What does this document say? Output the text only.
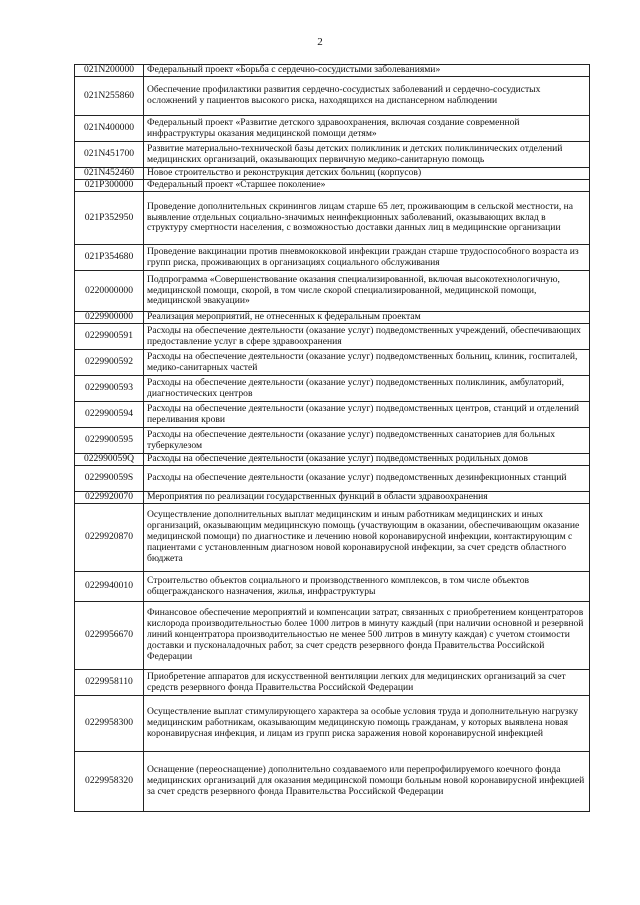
2
021N200000	Федеральный проект «Борьба с сердечно-сосудистыми заболеваниями»
021N255860	Обеспечение профилактики развития сердечно-сосудистых заболеваний и сердечно-сосудистых осложнений у пациентов высокого риска, находящихся на диспансерном наблюдении
021N400000	Федеральный проект «Развитие детского здравоохранения, включая создание современной инфраструктуры оказания медицинской помощи детям»
021N451700	Развитие материально-технической базы детских поликлиник и детских поликлинических отделений медицинских организаций, оказывающих первичную медико-санитарную помощь
021N452460	Новое строительство и реконструкция детских больниц (корпусов)
021P300000	Федеральный проект «Старшее поколение»
021P352950	Проведение дополнительных скринингов лицам старше 65 лет, проживающим в сельской местности, на выявление отдельных социально-значимых неинфекционных заболеваний, оказывающих вклад в структуру смертности населения, с возможностью доставки данных лиц в медицинские организации
021P354680	Проведение вакцинации против пневмококковой инфекции граждан старше трудоспособного возраста из групп риска, проживающих в организациях социального обслуживания
0220000000	Подпрограмма «Совершенствование оказания специализированной, включая высокотехнологичную, медицинской помощи, скорой, в том числе скорой специализированной, медицинской помощи, медицинской эвакуации»
0229900000	Реализация мероприятий, не отнесенных к федеральным проектам
0229900591	Расходы на обеспечение деятельности (оказание услуг) подведомственных учреждений, обеспечивающих предоставление услуг в сфере здравоохранения
0229900592	Расходы на обеспечение деятельности (оказание услуг) подведомственных больниц, клиник, госпиталей, медико-санитарных частей
0229900593	Расходы на обеспечение деятельности (оказание услуг) подведомственных поликлиник, амбулаторий, диагностических центров
0229900594	Расходы на обеспечение деятельности (оказание услуг) подведомственных центров, станций и отделений переливания крови
0229900595	Расходы на обеспечение деятельности (оказание услуг) подведомственных санаториев для больных туберкулезом
022990059Q	Расходы на обеспечение деятельности (оказание услуг) подведомственных родильных домов
022990059S	Расходы на обеспечение деятельности (оказание услуг) подведомственных дезинфекционных станций
0229920070	Мероприятия по реализации государственных функций в области здравоохранения
0229920870	Осуществление дополнительных выплат медицинским и иным работникам медицинских и иных организаций, оказывающим медицинскую помощь (участвующим в оказании, обеспечивающим оказание медицинской помощи) по диагностике и лечению новой коронавирусной инфекции, контактирующим с пациентами с установленным диагнозом новой коронавирусной инфекции, за счет средств областного бюджета
0229940010	Строительство объектов социального и производственного комплексов, в том числе объектов общегражданского назначения, жилья, инфраструктуры
0229956670	Финансовое обеспечение мероприятий и компенсации затрат, связанных с приобретением концентраторов кислорода производительностью более 1000 литров в минуту каждый (при наличии основной и резервной линий концентратора производительностью не менее 500 литров в минуту каждая) с учетом стоимости доставки и пусконаладочных работ, за счет средств резервного фонда Правительства Российской Федерации
0229958110	Приобретение аппаратов для искусственной вентиляции легких для медицинских организаций за счет средств резервного фонда Правительства Российской Федерации
0229958300	Осуществление выплат стимулирующего характера за особые условия труда и дополнительную нагрузку медицинским работникам, оказывающим медицинскую помощь гражданам, у которых выявлена новая коронавирусная инфекция, и лицам из групп риска заражения новой коронавирусной инфекцией
0229958320	Оснащение (переоснащение) дополнительно создаваемого или перепрофилируемого коечного фонда медицинских организаций для оказания медицинской помощи больным новой коронавирусной инфекцией за счет средств резервного фонда Правительства Российской Федерации
